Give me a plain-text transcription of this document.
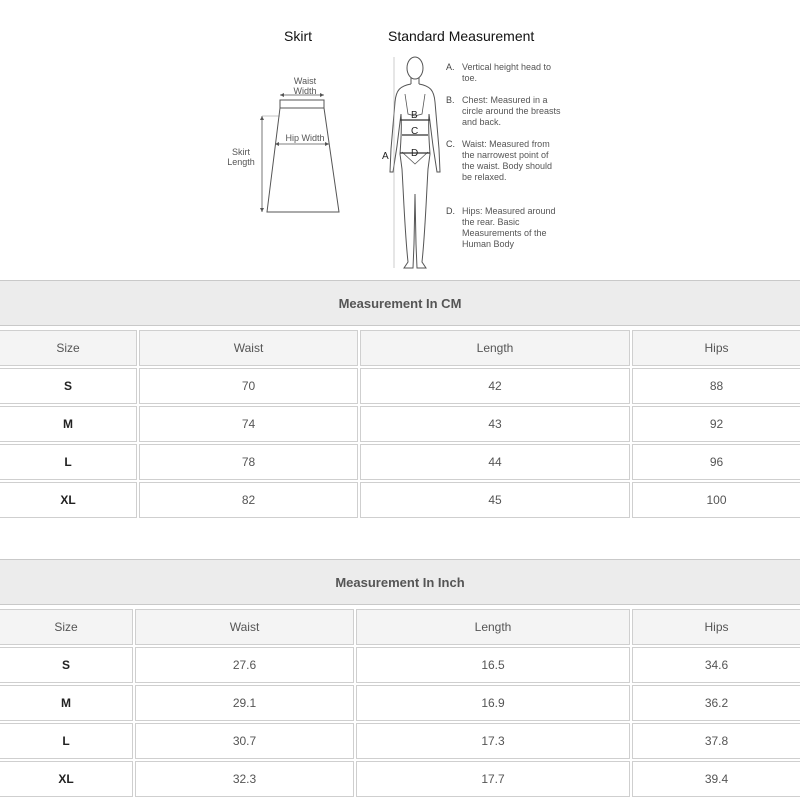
Skirt	Standard Measurement
Waist
Width
Hip Width
Skirt
Length	A
B
C
D
A. Vertical height head to toe.
B. Chest: Measured in a circle around the breasts and back.
C. Waist: Measured from the narrowest point of the waist. Body should be relaxed.
D. Hips: Measured around the rear. Basic Measurements of the Human Body
Measurement In CM
Size	Waist	Length	Hips
S	70	42	88
M	74	43	92
L	78	44	96
XL	82	45	100
Measurement In Inch
Size	Waist	Length	Hips
S	27.6	16.5	34.6
M	29.1	16.9	36.2
L	30.7	17.3	37.8
XL	32.3	17.7	39.4
